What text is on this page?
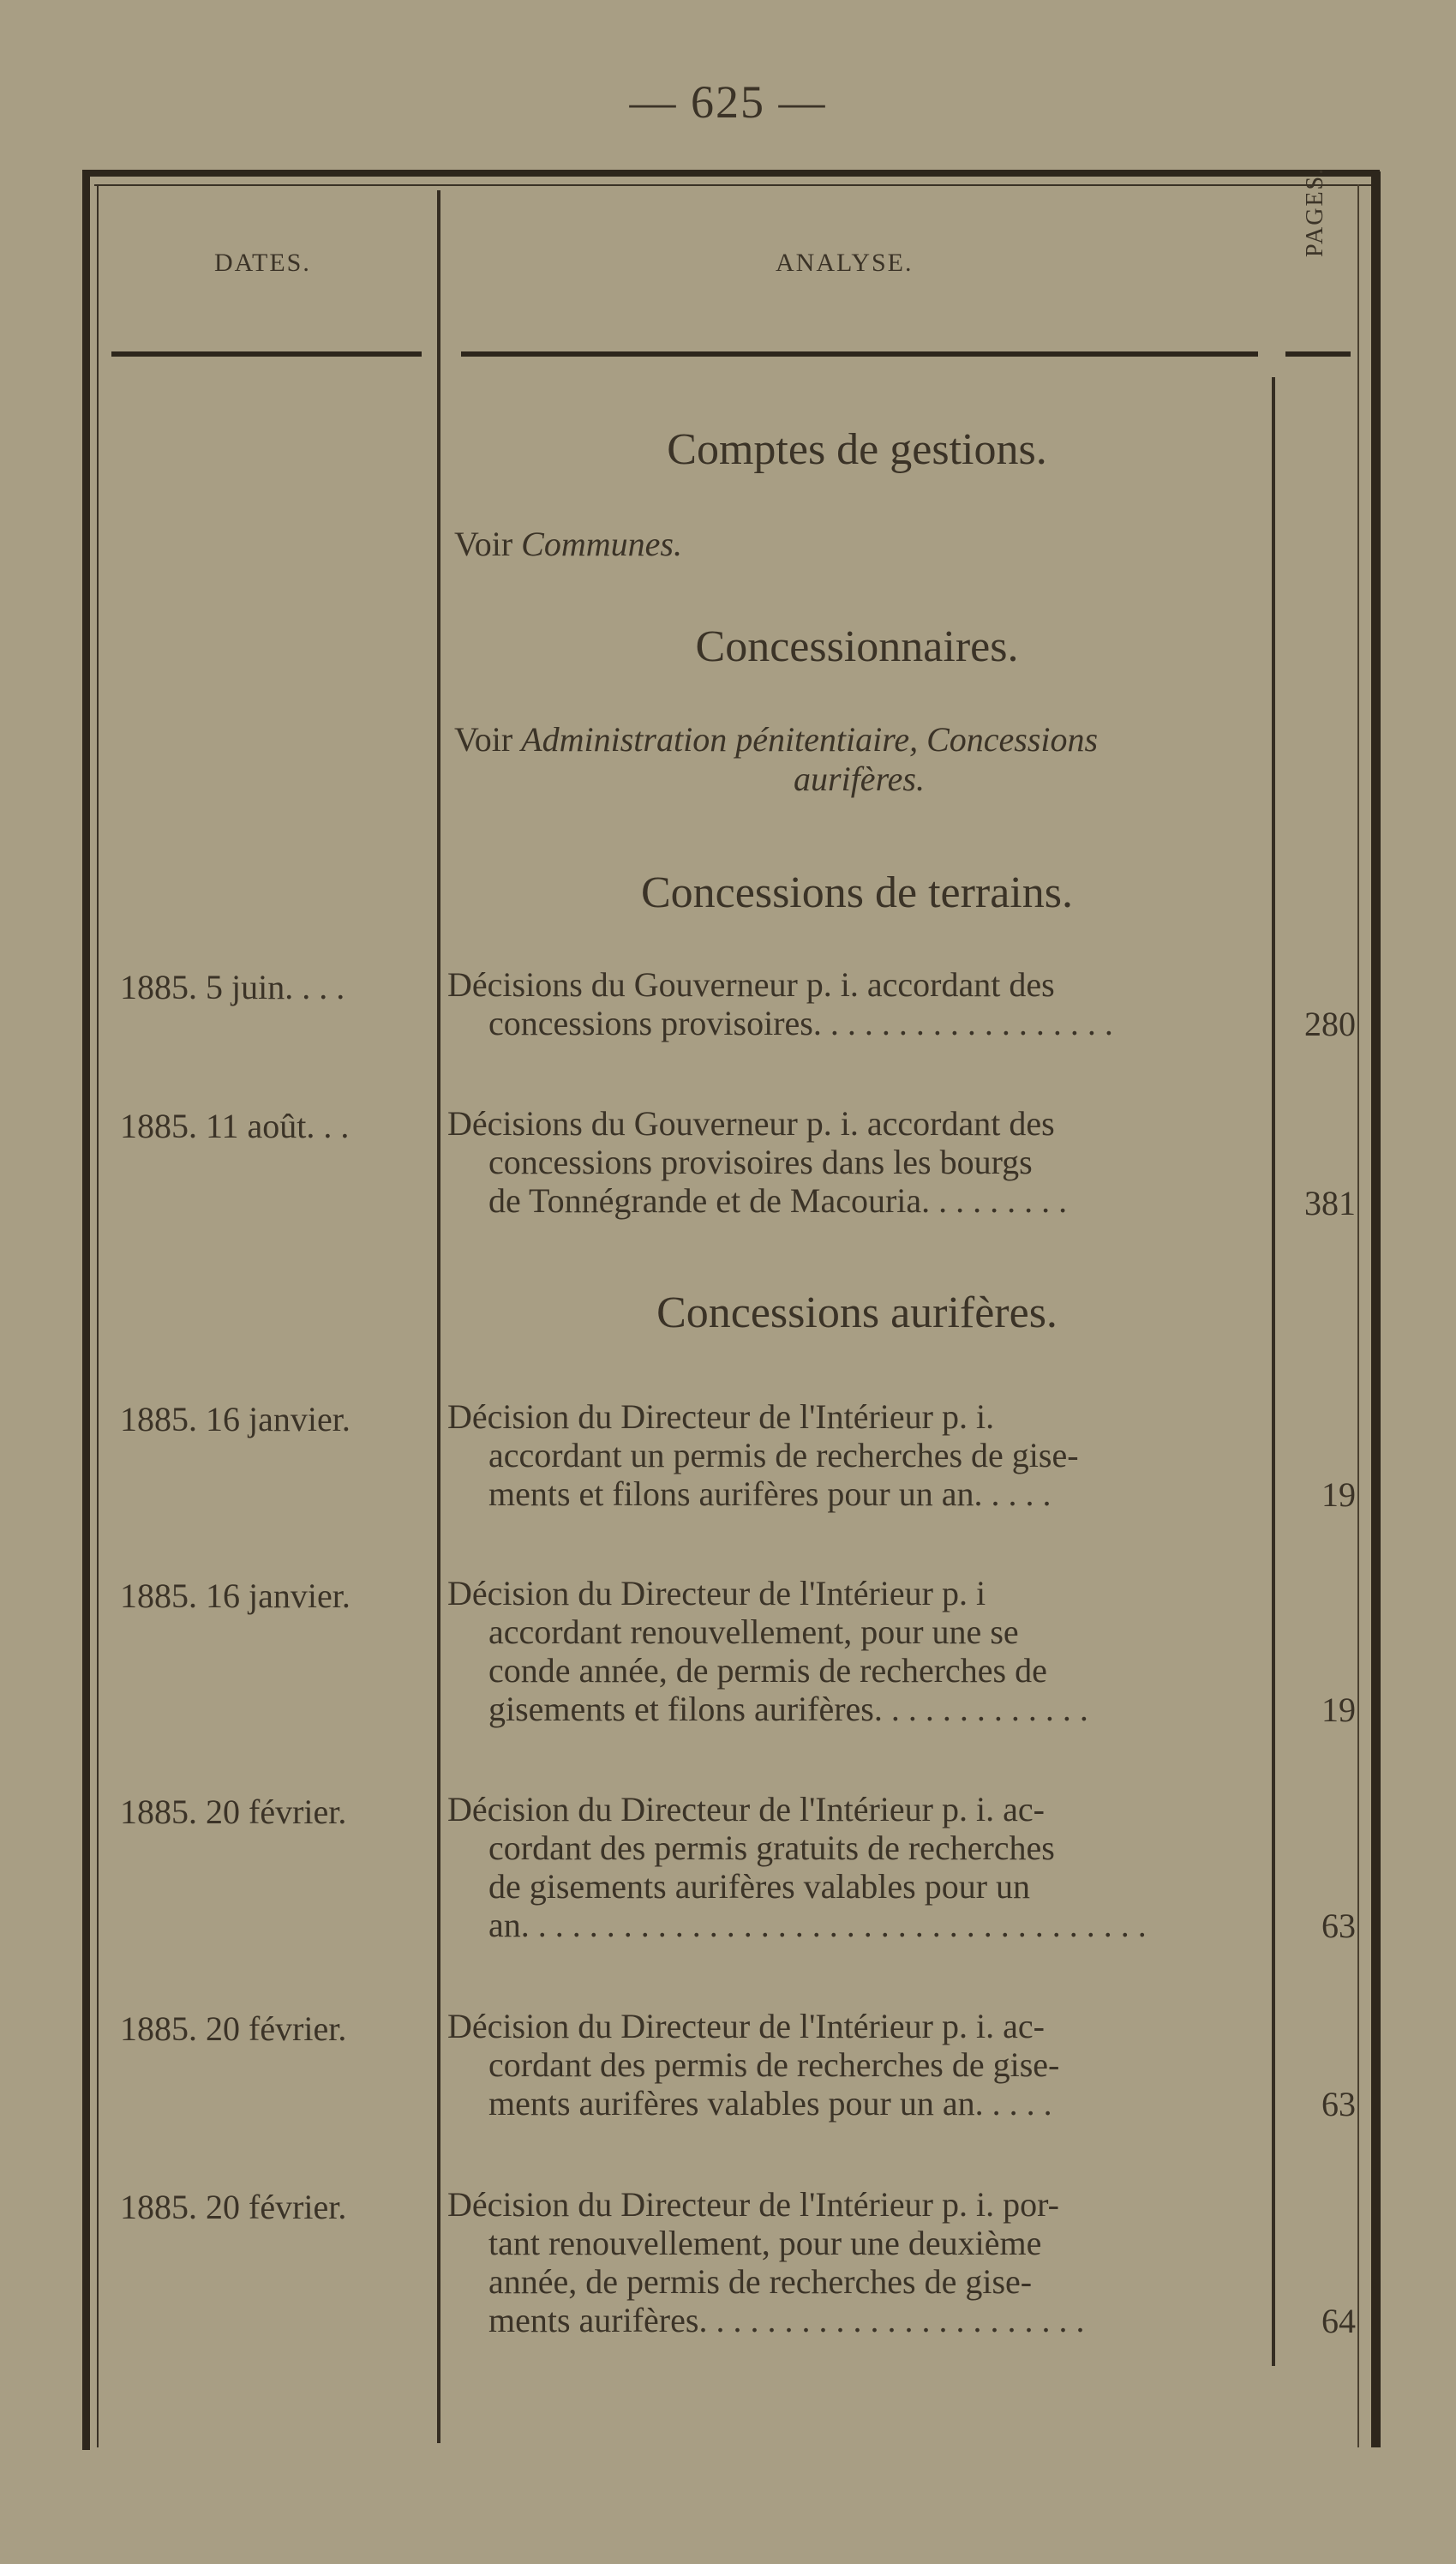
— 625 —
DATES.	ANALYSE.
PAGES.
Comptes de gestions.
Voir Communes.
Concessionnaires.
Voir Administration pénitentiaire, Concessions
aurifères.
Concessions de terrains.
1885. 5 juin. . . .	Décisions du Gouverneur p. i. accordant des
concessions provisoires. . . . . . . . . . . . . . . . . .	280
1885. 11 août. . .	Décisions du Gouverneur p. i. accordant des
concessions provisoires dans les bourgs
de Tonnégrande et de Macouria. . . . . . . . .	381
Concessions aurifères.
1885. 16 janvier.	Décision du Directeur de l'Intérieur p. i.
accordant un permis de recherches de gise-
ments et filons aurifères pour un an. . . . .	19
1885. 16 janvier.	Décision du Directeur de l'Intérieur p. i
accordant renouvellement, pour une se
conde année, de permis de recherches de
gisements et filons aurifères. . . . . . . . . . . . .	19
1885. 20 février.	Décision du Directeur de l'Intérieur p. i. ac-
cordant des permis gratuits de recherches
de gisements aurifères valables pour un
an. . . . . . . . . . . . . . . . . . . . . . . . . . . . . . . . . . . . .	63
1885. 20 février.	Décision du Directeur de l'Intérieur p. i. ac-
cordant des permis de recherches de gise-
ments aurifères valables pour un an. . . . .	63
1885. 20 février.	Décision du Directeur de l'Intérieur p. i. por-
tant renouvellement, pour une deuxième
année, de permis de recherches de gise-
ments aurifères. . . . . . . . . . . . . . . . . . . . . . .	64
